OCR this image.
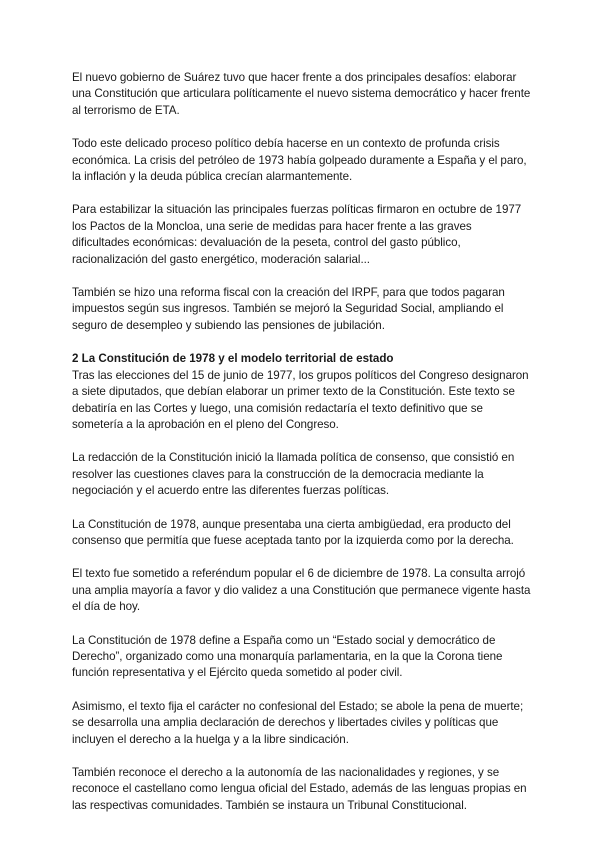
El nuevo gobierno de Suárez tuvo que hacer frente a dos principales desafíos: elaborar una Constitución que articulara políticamente el nuevo sistema democrático y hacer frente al terrorismo de ETA.

Todo este delicado proceso político debía hacerse en un contexto de profunda crisis económica. La crisis del petróleo de 1973 había golpeado duramente a España y el paro, la inflación y la deuda pública crecían alarmantemente.

Para estabilizar la situación las principales fuerzas políticas firmaron en octubre de 1977 los Pactos de la Moncloa, una serie de medidas para hacer frente a las graves dificultades económicas: devaluación de la peseta, control del gasto público, racionalización del gasto energético, moderación salarial...

También se hizo una reforma fiscal con la creación del IRPF, para que todos pagaran impuestos según sus ingresos. También se mejoró la Seguridad Social, ampliando el seguro de desempleo y subiendo las pensiones de jubilación.

2 La Constitución de 1978 y el modelo territorial de estado

Tras las elecciones del 15 de junio de 1977, los grupos políticos del Congreso designaron a siete diputados, que debían elaborar un primer texto de la Constitución. Este texto se debatiría en las Cortes y luego, una comisión redactaría el texto definitivo que se sometería a la aprobación en el pleno del Congreso.

La redacción de la Constitución inició la llamada política de consenso, que consistió en resolver las cuestiones claves para la construcción de la democracia mediante la negociación y el acuerdo entre las diferentes fuerzas políticas.

La Constitución de 1978, aunque presentaba una cierta ambigüedad, era producto del consenso que permitía que fuese aceptada tanto por la izquierda como por la derecha.

El texto fue sometido a referéndum popular el 6 de diciembre de 1978. La consulta arrojó una amplia mayoría a favor y dio validez a una Constitución que permanece vigente hasta el día de hoy.

La Constitución de 1978 define a España como un “Estado social y democrático de Derecho”, organizado como una monarquía parlamentaria, en la que la Corona tiene función representativa y el Ejército queda sometido al poder civil.

Asimismo, el texto fija el carácter no confesional del Estado; se abole la pena de muerte; se desarrolla una amplia declaración de derechos y libertades civiles y políticas que incluyen el derecho a la huelga y a la libre sindicación.

También reconoce el derecho a la autonomía de las nacionalidades y regiones, y se reconoce el castellano como lengua oficial del Estado, además de las lenguas propias en las respectivas comunidades. También se instaura un Tribunal Constitucional.
